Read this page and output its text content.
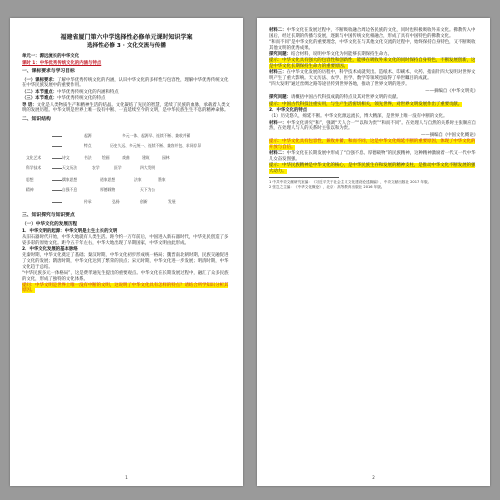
福建省厦门第六中学选择性必修单元课时知识学案
选择性必修 3 · 文化交流与传播
单元一：源远流长的中华文化
课时 1：中华优秀传统文化的内涵与特点
一、课标要求与学习目标
（一）课标要求：了解中华优秀传统文化的内涵，认识中华文化的多样性与包容性，理解中华优秀传统文化在中华民族发展中的重要作用。
（二）本节重点：中华优秀传统文化的内涵和特点
（三）本节难点：中华优秀传统文化的特点
导 语：文化是人类物质生产和精神生活的结晶。文化凝结了先民的智慧，延续了民族的血脉，承载着人类文明的发展历程。中华文明是世界上唯一没有中断、一直延续至今的文明，是中华民族生生不息的精神命脉。
二、知识结构
起源	多元一体、起源早、连续不断、兼收并蓄
特点	历史久远、多元统一、连续不断、兼容并包、求同存异
文化艺术	诗文	书法	绘画	戏曲	建筑	园林
科学技术	天文历法	农学	医学	四大发明
思想	儒家思想	道家思想	法家	墨家
精神	自强不息	厚德载物	天下为公
传承	弘扬	创新	发展
三、知识探究与知识要点
（一）中华文化的发展历程
1．中华文明的起源：中华文明是土生土长的文明
从旧石器时代开始，中华大地就有人类生活。距今约一万年前后，中国进入新石器时代，中华先民创造了多姿多彩的原始文化。距今五千年左右，中华大地出现了早期国家，中华文明由此形成。
2．中华文化发展的基本脉络
先秦时期，中华文化奠定了基础；秦汉时期，中华文化初步形成统一格局；魏晋南北朝时期，民族交融促进了文化的发展；隋唐时期，中华文化达到了繁荣的顶点；宋元时期，中华文化进一步发展；明清时期，中华文化趋于总结。
“中华民族多元一体格局”，这是费孝通先生提出的重要观点。中华文化在长期发展过程中，融汇了众多民族的文化，形成了独特的文化体系。
提问：中华文明是世界上唯一没有中断的文明，这说明了中华文化具有怎样的特点？请结合所学知识分析其原因。
1
材料二：中华文化在发展过程中，不断吸收融合周边各民族的文化，同时也积极吸收外来文化。佛教传入中国后，经过长期的传播与发展，逐渐与中国传统文化相融合，形成了具有中国特色的佛教文化。
“和而不同”是中华文化的重要理念，中华文化在与其他文化交流的过程中，始终保持自身特色，又不断吸收其他文明的优秀成果。
探究问题：结合材料，说明中华文化为何能够长期保持生命力。
提示：中华文化具有强大的包容性和创新性，能够在吸收外来文化的同时保持自身特色，不断发展创新，这是中华文化长期保持生命力的重要原因。
材料三：在中华文化发展的历程中，科学技术成就突出。造纸术、印刷术、火药、指南针四大发明对世界文明产生了重大影响。天文历法、农学、医学、数学等领域也取得了举世瞩目的成就。
“四大发明”通过丝绸之路等途径传到世界各地，推动了世界文明的进步。
——摘编自《中华文明史》
探究问题：请概括中国古代科技成就的特点及其对世界文明的贡献。
提示：中国古代科技注重实用，与生产生活密切相关，领先世界，对世界文明发展作出了重要贡献。
2．中华文化的特点
（1）历史悠久，绵延不断。中华文化源远流长，博大精深，是世界上唯一没有中断的文化。
材料一：中华文化讲究“和”，强调“天人合一”“以和为贵”“和而不同”。在处理人与自然的关系时主张顺应自然，在处理人与人的关系时主张以和为贵。
——摘编自《中国文化概论》
提示：中华文化具有包容性，兼收并蓄，和而不同，这是中华文化绵延不断的重要原因，体现了中华文化的开放与自信。
材料二：中华文化在长期发展中形成了“自强不息、厚德载物”的民族精神，这种精神激励着一代又一代中华儿女奋发图强。
提示：中华民族精神是中华文化的核心，是中华民族生存和发展的精神支柱，是推动中华文化不断发展的强大动力。
1 中共中央文献研究室编：《习近平关于社会主义文化建设论述摘编》，中央文献出版社 2017 年版。
2 张岂之主编：《中华文化概论》，北京：高等教育出版社 2016 年版。
2
